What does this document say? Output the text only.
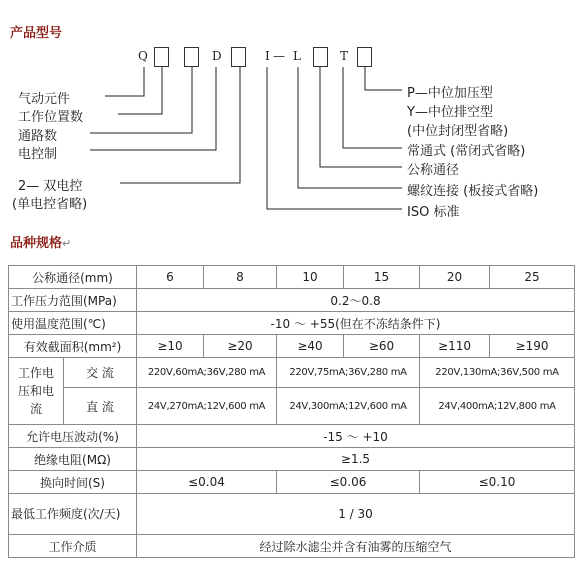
产品型号
Q	D	I — L	T
气动元件
工作位置数
通路数
电控制
2— 双电控
(单电控省略)
P—中位加压型
Y—中位排空型
(中位封闭型省略)
常通式 (常闭式省略)
公称通径
螺纹连接 (板接式省略)
ISO 标准
品种规格↵
公称通径(mm)		6	8	10	15	20	25
工作压力范围(MPa)		0.2～0.8					
使用温度范围(℃)		-10 ～ +55(但在不冻结条件下)					
有效截面积(mm²)		≥10	≥20	≥40	≥60	≥110	≥190
工作电压和电流	交 流	220V,60mA;36V,280 mA		220V,75mA;36V,280 mA		220V,130mA;36V,500 mA	
	直 流	24V,270mA;12V,600 mA		24V,300mA;12V,600 mA		24V,400mA;12V,800 mA	
允许电压波动(%)		-15 ～ +10					
绝缘电阻(MΩ)		≥1.5					
换向时间(S)		≤0.04		≤0.06		≤0.10	
最低工作频度(次/天)		1 / 30					
工作介质		经过除水滤尘并含有油雾的压缩空气					
